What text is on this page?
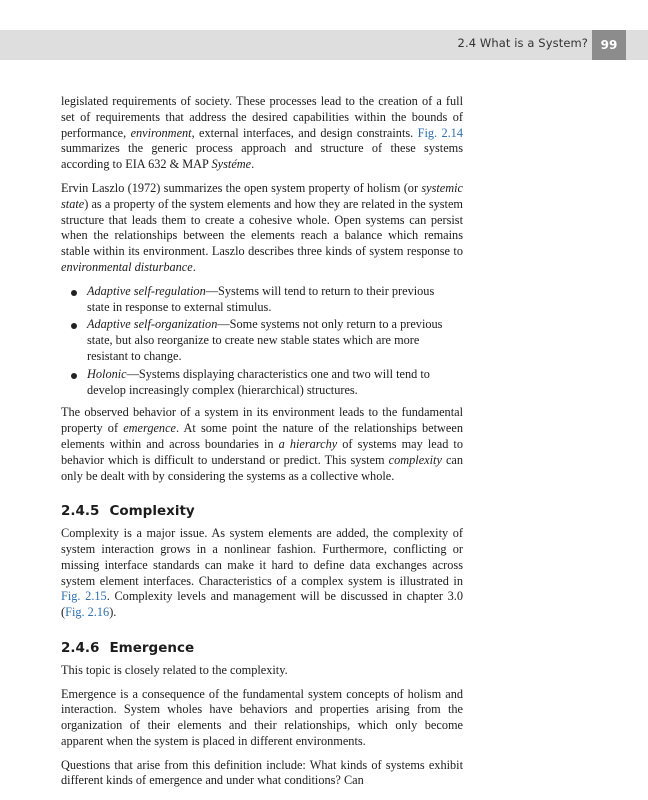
2.4 What is a System?	99

legislated requirements of society. These processes lead to the creation of a full set of requirements that address the desired capabilities within the bounds of performance, environment, external interfaces, and design constraints. Fig. 2.14 summarizes the generic process approach and structure of these systems according to EIA 632 & MAP Systéme.

Ervin Laszlo (1972) summarizes the open system property of holism (or systemic state) as a property of the system elements and how they are related in the system structure that leads them to create a cohesive whole. Open systems can persist when the relationships between the elements reach a balance which remains stable within its environment. Laszlo describes three kinds of system response to environmental disturbance.

Adaptive self-regulation—Systems will tend to return to their previous state in response to external stimulus.
Adaptive self-organization—Some systems not only return to a previous state, but also reorganize to create new stable states which are more resistant to change.
Holonic—Systems displaying characteristics one and two will tend to develop increasingly complex (hierarchical) structures.

The observed behavior of a system in its environment leads to the fundamental property of emergence. At some point the nature of the relationships between elements within and across boundaries in a hierarchy of systems may lead to behavior which is difficult to understand or predict. This system complexity can only be dealt with by considering the systems as a collective whole.

2.4.5 Complexity

Complexity is a major issue. As system elements are added, the complexity of system interaction grows in a nonlinear fashion. Furthermore, conflicting or missing interface standards can make it hard to define data exchanges across system element interfaces. Characteristics of a complex system is illustrated in Fig. 2.15. Complexity levels and management will be discussed in chapter 3.0 (Fig. 2.16).

2.4.6 Emergence

This topic is closely related to the complexity.

Emergence is a consequence of the fundamental system concepts of holism and interaction. System wholes have behaviors and properties arising from the organization of their elements and their relationships, which only become apparent when the system is placed in different environments.

Questions that arise from this definition include: What kinds of systems exhibit different kinds of emergence and under what conditions? Can
